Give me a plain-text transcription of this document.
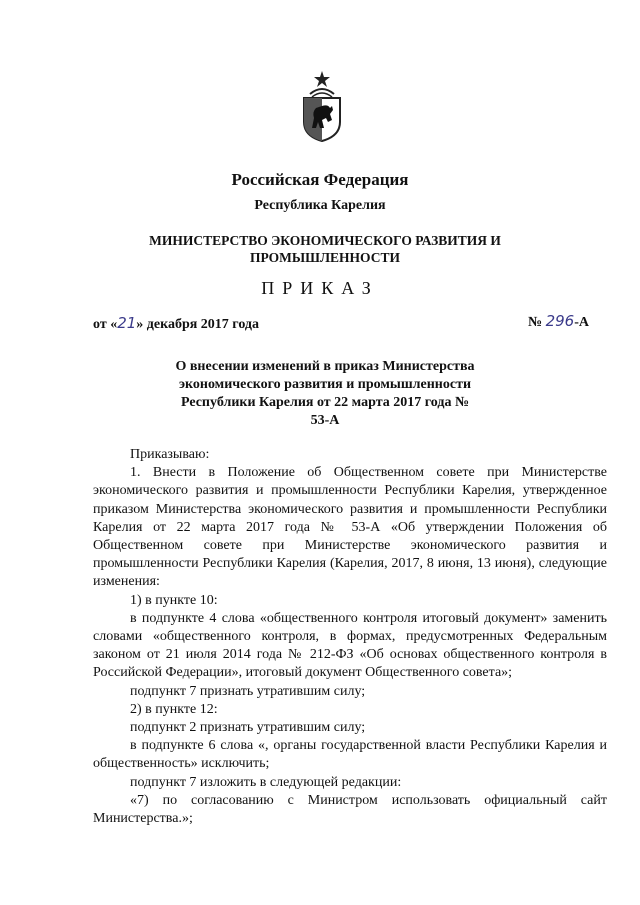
Российская Федерация
Республика Карелия
МИНИСТЕРСТВО ЭКОНОМИЧЕСКОГО РАЗВИТИЯ И ПРОМЫШЛЕННОСТИ
ПРИКАЗ
от «21» декабря 2017 года	№ 296-А
О внесении изменений в приказ Министерства экономического развития и промышленности Республики Карелия от 22 марта 2017 года № 53-А

Приказываю:

1. Внести в Положение об Общественном совете при Министерстве экономического развития и промышленности Республики Карелия, утвержденное приказом Министерства экономического развития и промышленности Республики Карелия от 22 марта 2017 года № 53-А «Об утверждении Положения об Общественном совете при Министерстве экономического развития и промышленности Республики Карелия (Карелия, 2017, 8 июня, 13 июня), следующие изменения:

1) в пункте 10:

в подпункте 4 слова «общественного контроля итоговый документ» заменить словами «общественного контроля, в формах, предусмотренных Федеральным законом от 21 июля 2014 года № 212-ФЗ «Об основах общественного контроля в Российской Федерации», итоговый документ Общественного совета»;

подпункт 7 признать утратившим силу;

2) в пункте 12:

подпункт 2 признать утратившим силу;

в подпункте 6 слова «, органы государственной власти Республики Карелия и общественность» исключить;

подпункт 7 изложить в следующей редакции:

«7) по согласованию с Министром использовать официальный сайт Министерства.»;
